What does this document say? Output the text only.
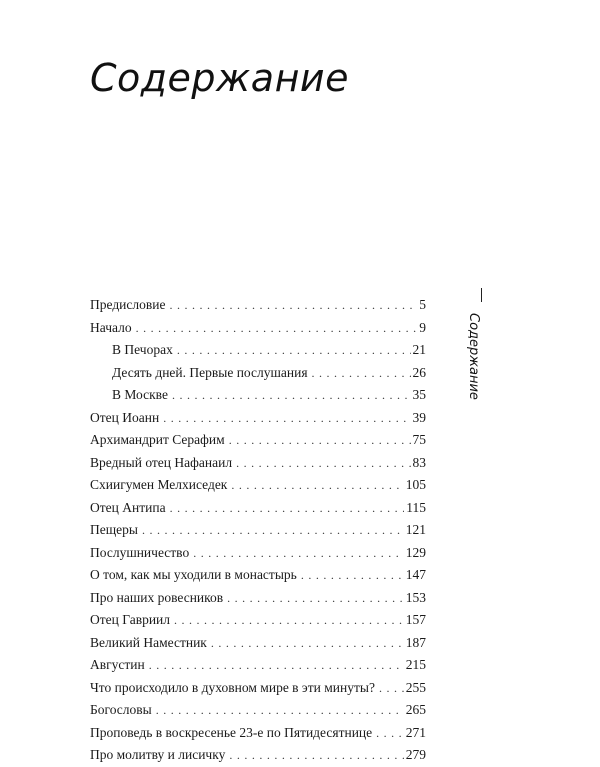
Содержание
Содержание
Предисловие . . .	5
Начало . . .	9
В Печорах . . .	21
Десять дней. Первые послушания . . .	26
В Москве . . .	35
Отец Иоанн . . .	39
Архимандрит Серафим . . .	75
Вредный отец Нафанаил . . .	83
Схиигумен Мелхиседек . . .	105
Отец Антипа . . .	115
Пещеры . . .	121
Послушничество . . .	129
О том, как мы уходили в монастырь . . .	147
Про наших ровесников . . .	153
Отец Гавриил . . .	157
Великий Наместник . . .	187
Августин . . .	215
Что происходило в духовном мире в эти минуты? . . . 255
Богословы . . .	265
Проповедь в воскресенье 23-е по Пятидесятнице . . . 271
Про молитву и лисичку . . .	279
